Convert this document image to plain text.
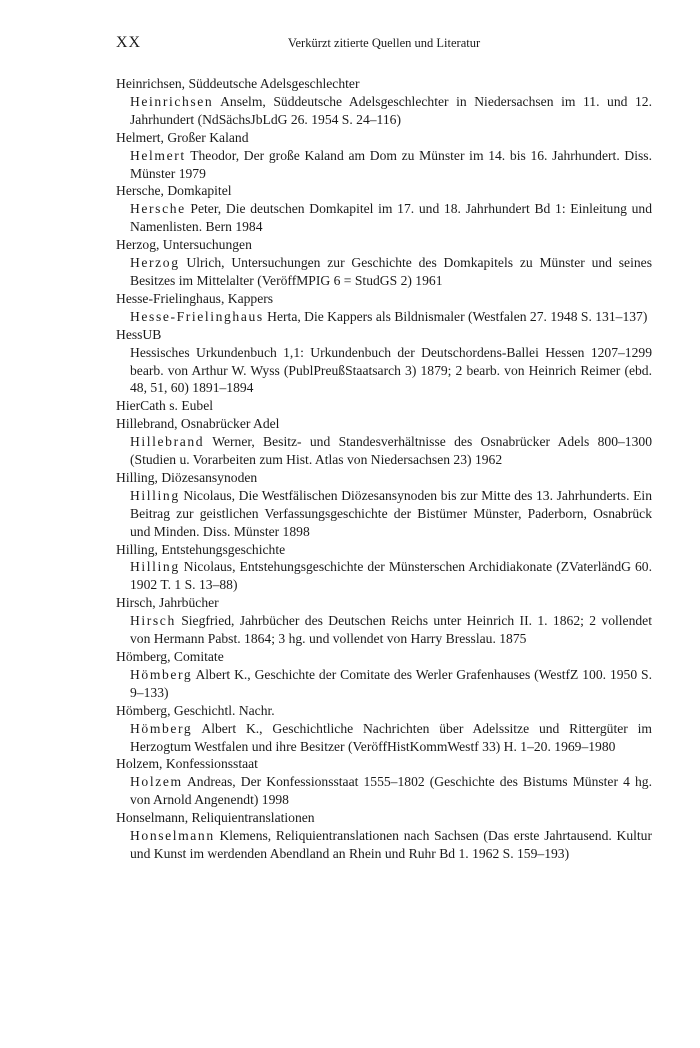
XX	Verkürzt zitierte Quellen und Literatur
Heinrichsen, Süddeutsche Adelsgeschlechter
Heinrichsen Anselm, Süddeutsche Adelsgeschlechter in Niedersachsen im 11. und 12. Jahrhundert (NdSächsJbLdG 26. 1954 S. 24–116)
Helmert, Großer Kaland
Helmert Theodor, Der große Kaland am Dom zu Münster im 14. bis 16. Jahrhundert. Diss. Münster 1979
Hersche, Domkapitel
Hersche Peter, Die deutschen Domkapitel im 17. und 18. Jahrhundert Bd 1: Einleitung und Namenlisten. Bern 1984
Herzog, Untersuchungen
Herzog Ulrich, Untersuchungen zur Geschichte des Domkapitels zu Münster und seines Besitzes im Mittelalter (VeröffMPIG 6 = StudGS 2) 1961
Hesse-Frielinghaus, Kappers
Hesse-Frielinghaus Herta, Die Kappers als Bildnismaler (Westfalen 27. 1948 S. 131–137)
HessUB
Hessisches Urkundenbuch 1,1: Urkundenbuch der Deutschordens-Ballei Hessen 1207–1299 bearb. von Arthur W. Wyss (PublPreußStaatsarch 3) 1879; 2 bearb. von Heinrich Reimer (ebd. 48, 51, 60) 1891–1894
HierCath s. Eubel
Hillebrand, Osnabrücker Adel
Hillebrand Werner, Besitz- und Standesverhältnisse des Osnabrücker Adels 800–1300 (Studien u. Vorarbeiten zum Hist. Atlas von Niedersachsen 23) 1962
Hilling, Diözesansynoden
Hilling Nicolaus, Die Westfälischen Diözesansynoden bis zur Mitte des 13. Jahrhunderts. Ein Beitrag zur geistlichen Verfassungsgeschichte der Bistümer Münster, Paderborn, Osnabrück und Minden. Diss. Münster 1898
Hilling, Entstehungsgeschichte
Hilling Nicolaus, Entstehungsgeschichte der Münsterschen Archidiakonate (ZVaterländG 60. 1902 T. 1 S. 13–88)
Hirsch, Jahrbücher
Hirsch Siegfried, Jahrbücher des Deutschen Reichs unter Heinrich II. 1. 1862; 2 vollendet von Hermann Pabst. 1864; 3 hg. und vollendet von Harry Bresslau. 1875
Hömberg, Comitate
Hömberg Albert K., Geschichte der Comitate des Werler Grafenhauses (WestfZ 100. 1950 S. 9–133)
Hömberg, Geschichtl. Nachr.
Hömberg Albert K., Geschichtliche Nachrichten über Adelssitze und Rittergüter im Herzogtum Westfalen und ihre Besitzer (VeröffHistKommWestf 33) H. 1–20. 1969–1980
Holzem, Konfessionsstaat
Holzem Andreas, Der Konfessionsstaat 1555–1802 (Geschichte des Bistums Münster 4 hg. von Arnold Angenendt) 1998
Honselmann, Reliquientranslationen
Honselmann Klemens, Reliquientranslationen nach Sachsen (Das erste Jahrtausend. Kultur und Kunst im werdenden Abendland an Rhein und Ruhr Bd 1. 1962 S. 159–193)
